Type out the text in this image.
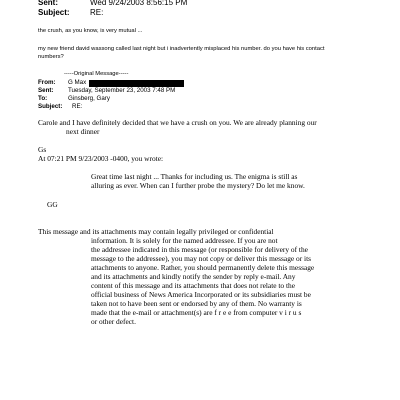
Sent:	Wed 9/24/2003 8:56:15 PM
Subject:	RE:
the crush, as you know, is very mutual ...
my new friend david wassong called last night but i inadvertently misplaced his number. do you have his contact
numbers?
-----Original Message-----
From: G Max
Sent: Tuesday, September 23, 2003 7:48 PM
To:	Ginsberg, Gary
Subject: RE:
Carole and I have definitely decided that we have a crush on you. We are already planning our
next dinner
Gs
At 07:21 PM 9/23/2003 -0400, you wrote:
Great time last night ... Thanks for including us. The enigma is still as
alluring as ever. When can I further probe the mystery? Do let me know.
GG
This message and its attachments may contain legally privileged or confidential
information. It is solely for the named addressee. If you are not
the addressee indicated in this message (or responsible for delivery of the
message to the addressee), you may not copy or deliver this message or its
attachments to anyone. Rather, you should permanently delete this message
and its attachments and kindly notify the sender by reply e-mail. Any
content of this message and its attachments that does not relate to the
official business of News America Incorporated or its subsidiaries must be
taken not to have been sent or endorsed by any of them. No warranty is
made that the e-mail or attachment(s) are f r e e from computer v i r u s
or other defect.
